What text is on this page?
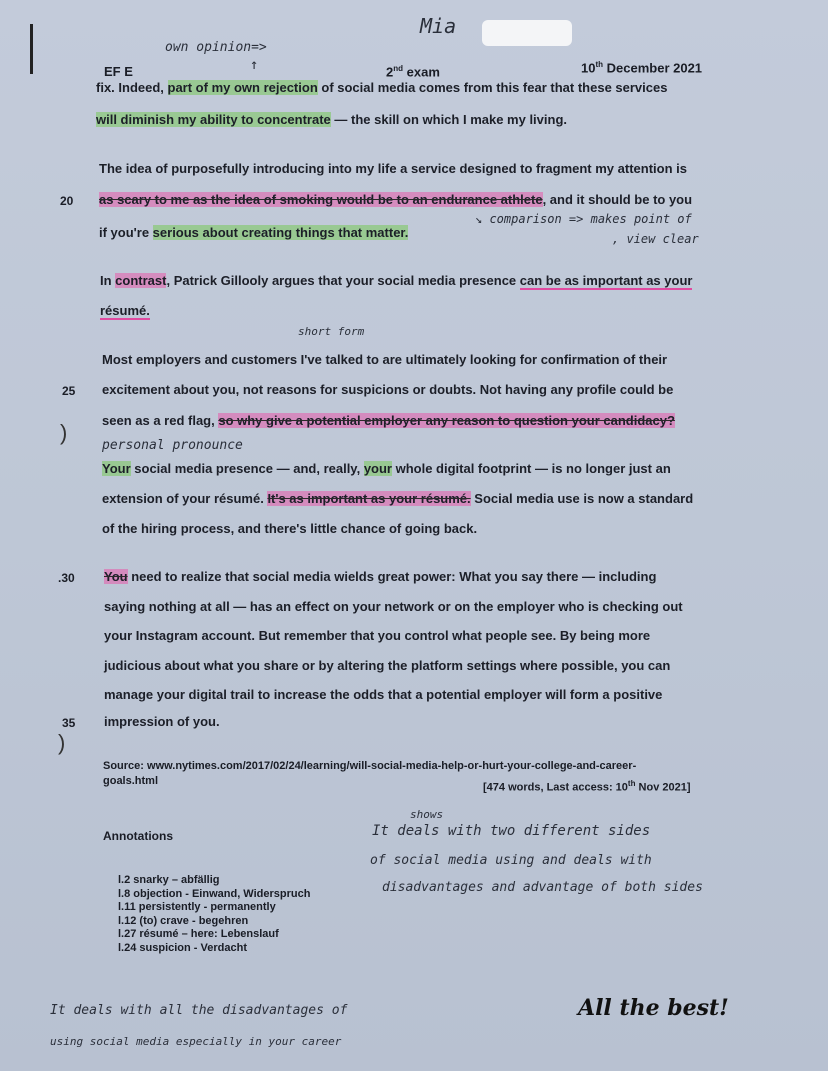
Mia
own opinion=>
EF E	↑	2nd exam	10th December 2021
fix. Indeed, part of my own rejection of social media comes from this fear that these services
will diminish my ability to concentrate — the skill on which I make my living.
The idea of purposefully introducing into my life a service designed to fragment my attention is
20 as scary to me as the idea of smoking would be to an endurance athlete, and it should be to you
if you're serious about creating things that matter.
↘ comparison => makes point of
, view clear
In contrast, Patrick Gillooly argues that your social media presence can be as important as your
résumé.
short form
Most employers and customers I've talked to are ultimately looking for confirmation of their
25 excitement about you, not reasons for suspicions or doubts. Not having any profile could be
seen as a red flag, so why give a potential employer any reason to question your candidacy?
)
personal pronounce
Your social media presence — and, really, your whole digital footprint — is no longer just an
extension of your résumé. It's as important as your résumé. Social media use is now a standard
of the hiring process, and there's little chance of going back.
.30 You need to realize that social media wields great power: What you say there — including
saying nothing at all — has an effect on your network or on the employer who is checking out
your Instagram account. But remember that you control what people see. By being more
judicious about what you share or by altering the platform settings where possible, you can
manage your digital trail to increase the odds that a potential employer will form a positive
35 impression of you.
)
Source: www.nytimes.com/2017/02/24/learning/will-social-media-help-or-hurt-your-college-and-career-
goals.html
[474 words, Last access: 10th Nov 2021]
Annotations
l.2 snarky – abfällig
l.8 objection - Einwand, Widerspruch
l.11 persistently - permanently
l.12 (to) crave - begehren
l.27 résumé – here: Lebenslauf
l.24 suspicion - Verdacht
shows
It deals with two different sides
of social media using and deals with
disadvantages and advantage of both sides
It deals with all the disadvantages of
using social media especially in your career
All the best!
